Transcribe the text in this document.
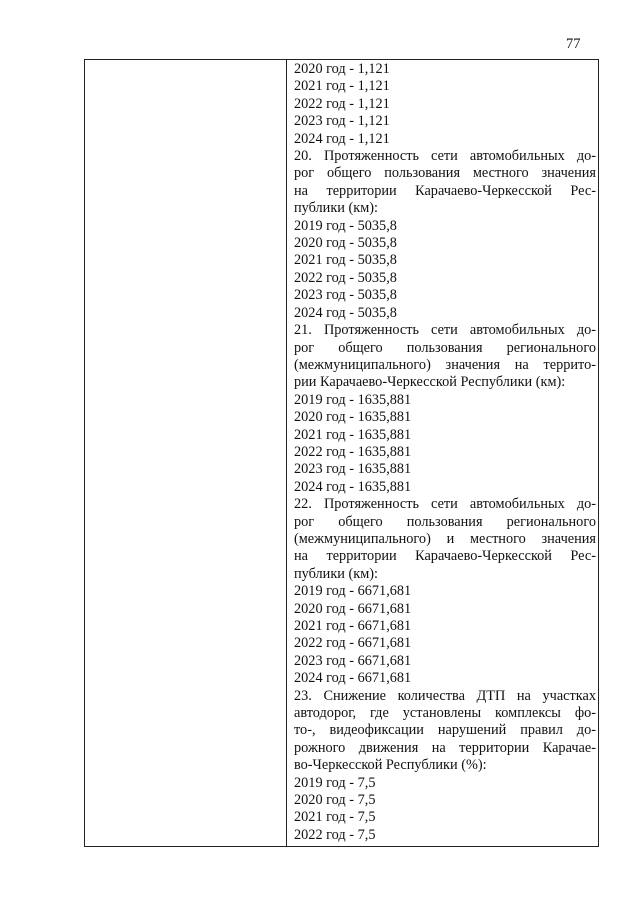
77
2020 год - 1,121
2021 год - 1,121
2022 год - 1,121
2023 год - 1,121
2024 год - 1,121
20. Протяженность сети автомобильных до-
рог общего пользования местного значения
на территории Карачаево-Черкесской Рес-
публики (км):
2019 год - 5035,8
2020 год - 5035,8
2021 год - 5035,8
2022 год - 5035,8
2023 год - 5035,8
2024 год - 5035,8
21. Протяженность сети автомобильных до-
рог общего пользования регионального
(межмуниципального) значения на террито-
рии Карачаево-Черкесской Республики (км):
2019 год - 1635,881
2020 год - 1635,881
2021 год - 1635,881
2022 год - 1635,881
2023 год - 1635,881
2024 год - 1635,881
22. Протяженность сети автомобильных до-
рог общего пользования регионального
(межмуниципального) и местного значения
на территории Карачаево-Черкесской Рес-
публики (км):
2019 год - 6671,681
2020 год - 6671,681
2021 год - 6671,681
2022 год - 6671,681
2023 год - 6671,681
2024 год - 6671,681
23. Снижение количества ДТП на участках
автодорог, где установлены комплексы фо-
то-, видеофиксации нарушений правил до-
рожного движения на территории Карачае-
во-Черкесской Республики (%):
2019 год - 7,5
2020 год - 7,5
2021 год - 7,5
2022 год - 7,5
